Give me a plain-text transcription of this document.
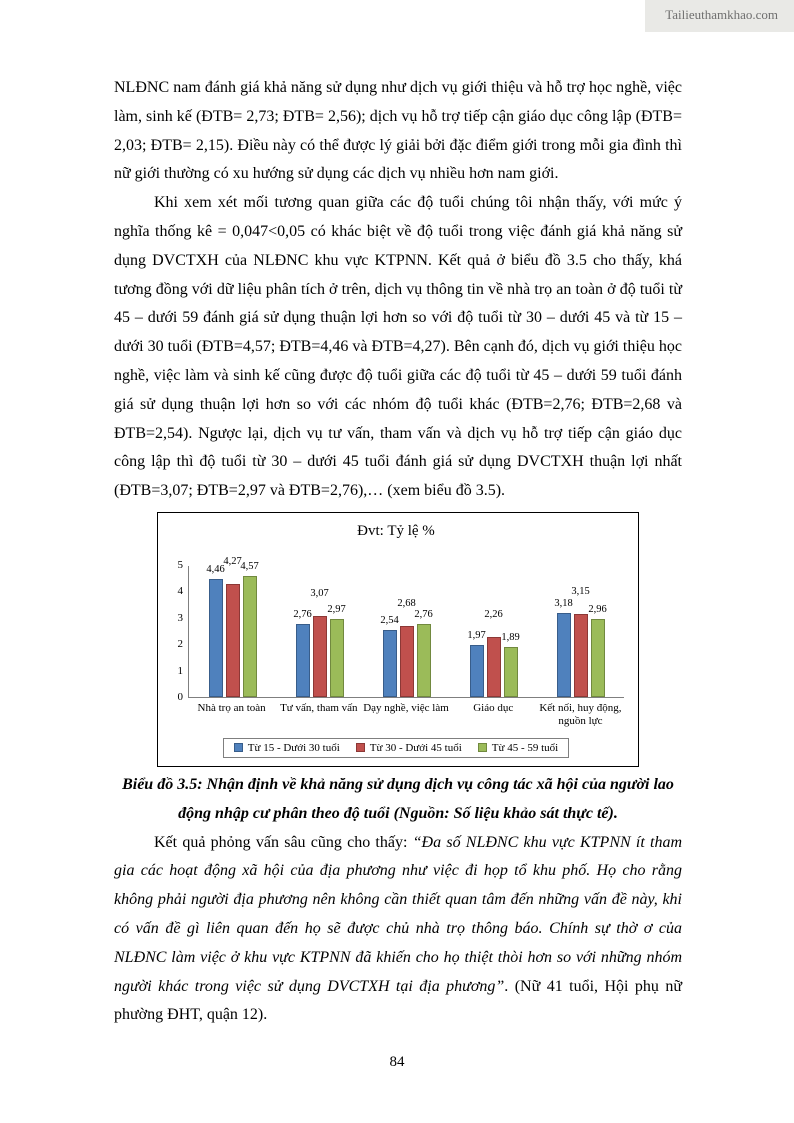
Tailieuthamkhao.com

NLĐNC nam đánh giá khả năng sử dụng như dịch vụ giới thiệu và hỗ trợ học nghề, việc làm, sinh kế (ĐTB= 2,73; ĐTB= 2,56); dịch vụ hỗ trợ tiếp cận giáo dục công lập (ĐTB= 2,03; ĐTB= 2,15). Điều này có thể được lý giải bởi đặc điểm giới trong mỗi gia đình thì nữ giới thường có xu hướng sử dụng các dịch vụ nhiều hơn nam giới.

Khi xem xét mối tương quan giữa các độ tuổi chúng tôi nhận thấy, với mức ý nghĩa thống kê = 0,047<0,05 có khác biệt về độ tuổi trong việc đánh giá khả năng sử dụng DVCTXH của NLĐNC khu vực KTPNN. Kết quả ở biểu đồ 3.5 cho thấy, khá tương đồng với dữ liệu phân tích ở trên, dịch vụ thông tin về nhà trọ an toàn ở độ tuổi từ 45 – dưới 59 đánh giá sử dụng thuận lợi hơn so với độ tuổi từ 30 – dưới 45 và từ 15 – dưới 30 tuổi (ĐTB=4,57; ĐTB=4,46 và ĐTB=4,27). Bên cạnh đó, dịch vụ giới thiệu học nghề, việc làm và sinh kế cũng được độ tuổi giữa các độ tuổi từ 45 – dưới 59 tuổi đánh giá sử dụng thuận lợi hơn so với các nhóm độ tuổi khác (ĐTB=2,76; ĐTB=2,68 và ĐTB=2,54). Ngược lại, dịch vụ tư vấn, tham vấn và dịch vụ hỗ trợ tiếp cận giáo dục công lập thì độ tuổi từ 30 – dưới 45 tuổi đánh giá sử dụng DVCTXH thuận lợi nhất (ĐTB=3,07; ĐTB=2,97 và ĐTB=2,76),… (xem biểu đồ 3.5).

Đvt: Tỷ lệ %
0
1
2
3
4
5 4,46
4,27
4,57
2,76
3,07
2,97
2,54
2,68
2,76
1,97
2,26
1,89
3,18
3,15
2,96
Nhà trọ an toàn	Tư vấn, tham vấn Dạy nghề, việc làm	Giáo dục	Kết nối, huy động, nguồn lực
Từ 15 - Dưới 30 tuổi	Từ 30 - Dưới 45 tuổi	Từ 45 - 59 tuổi
Biểu đồ 3.5: Nhận định về khả năng sử dụng dịch vụ công tác xã hội của người lao
động nhập cư phân theo độ tuổi (Nguồn: Số liệu khảo sát thực tế).

Kết quả phỏng vấn sâu cũng cho thấy: “Đa số NLĐNC khu vực KTPNN ít tham gia các hoạt động xã hội của địa phương như việc đi họp tổ khu phố. Họ cho rằng không phải người địa phương nên không cần thiết quan tâm đến những vấn đề này, khi có vấn đề gì liên quan đến họ sẽ được chủ nhà trọ thông báo. Chính sự thờ ơ của NLĐNC làm việc ở khu vực KTPNN đã khiến cho họ thiệt thòi hơn so với những nhóm người khác trong việc sử dụng DVCTXH tại địa phương”. (Nữ 41 tuổi, Hội phụ nữ phường ĐHT, quận 12).

84
